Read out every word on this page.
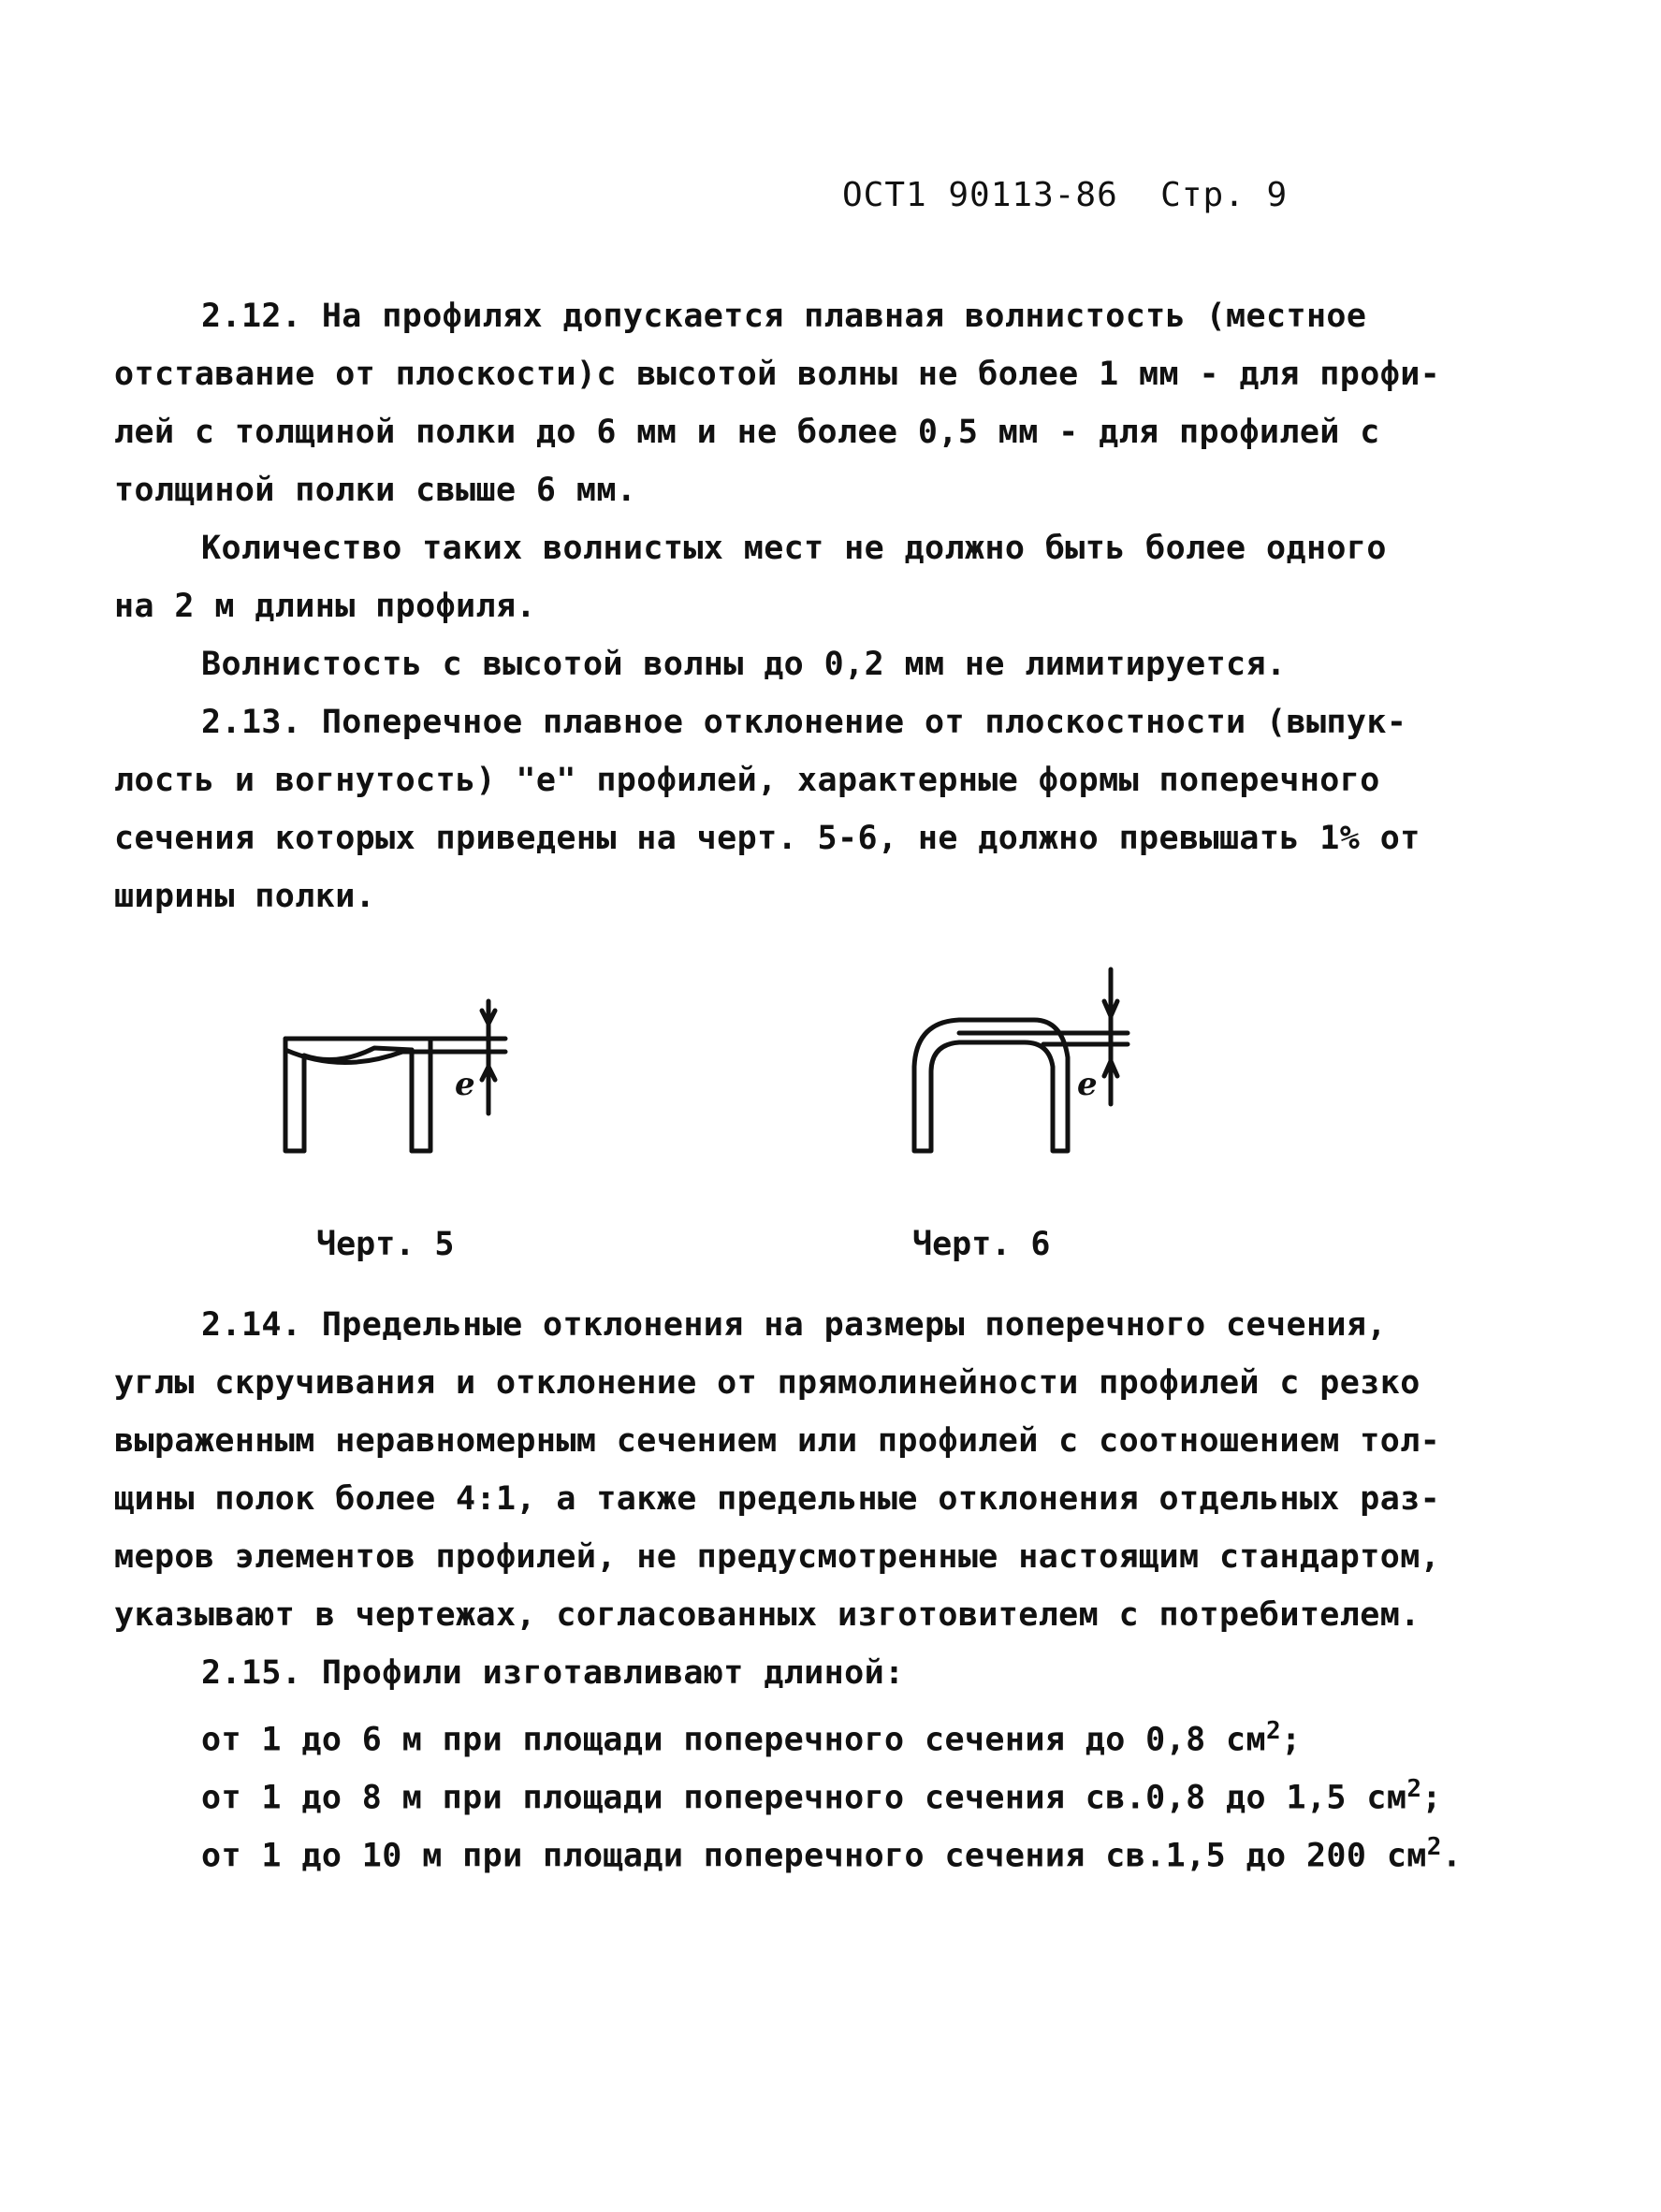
ОСТ1 90113-86 Стр. 9
2.12. На профилях допускается плавная волнистость (местное
отставание от плоскости)с высотой волны не более 1 мм - для профи-
лей с толщиной полки до 6 мм и не более 0,5 мм - для профилей с
толщиной полки свыше 6 мм.
Количество таких волнистых мест не должно быть более одного
на 2 м длины профиля.
Волнистость с высотой волны до 0,2 мм не лимитируется.
2.13. Поперечное плавное отклонение от плоскостности (выпук-
лость и вогнутость) "е" профилей, характерные формы поперечного
сечения которых приведены на черт. 5-6, не должно превышать 1% от
ширины полки.
е
Черт. 5
е
Черт. 6
2.14. Предельные отклонения на размеры поперечного сечения,
углы скручивания и отклонение от прямолинейности профилей с резко
выраженным неравномерным сечением или профилей с соотношением тол-
щины полок более 4:1, а также предельные отклонения отдельных раз-
меров элементов профилей, не предусмотренные настоящим стандартом,
указывают в чертежах, согласованных изготовителем с потребителем.
2.15. Профили изготавливают длиной:
от 1 до 6 м при площади поперечного сечения до 0,8 $см^2$;
от 1 до 8 м при площади поперечного сечения св.0,8 до 1,5 $см^2$;
от 1 до 10 м при площади поперечного сечения св.1,5 до 200 $см^2$.
